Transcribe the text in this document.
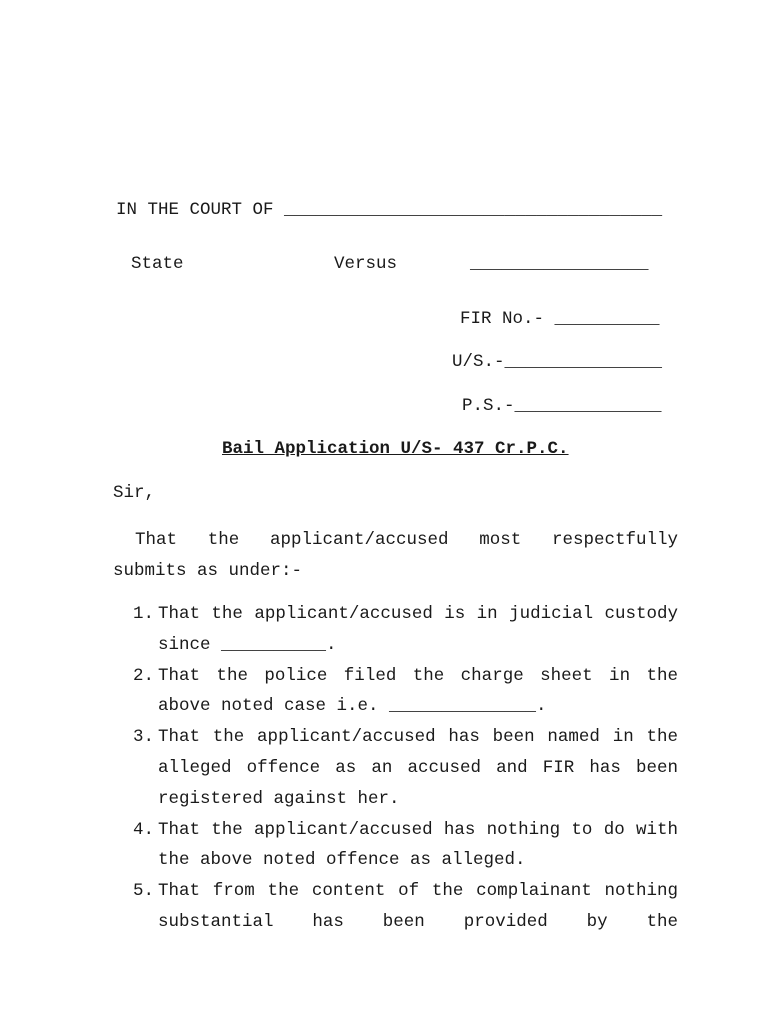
IN THE COURT OF ____________________________________
State	Versus	_________________
FIR No.- __________
U/S.-_______________
P.S.-______________
Bail Application U/S- 437 Cr.P.C.
Sir,
That the applicant/accused most respectfully
submits as under:-
1. That the applicant/accused is in judicial custody since __________.
2. That the police filed the charge sheet in the above noted case i.e. ______________.
3. That the applicant/accused has been named in the alleged offence as an accused and FIR has been registered against her.
4. That the applicant/accused has nothing to do with the above noted offence as alleged.
5. That from the content of the complainant nothing substantial has been provided by the
